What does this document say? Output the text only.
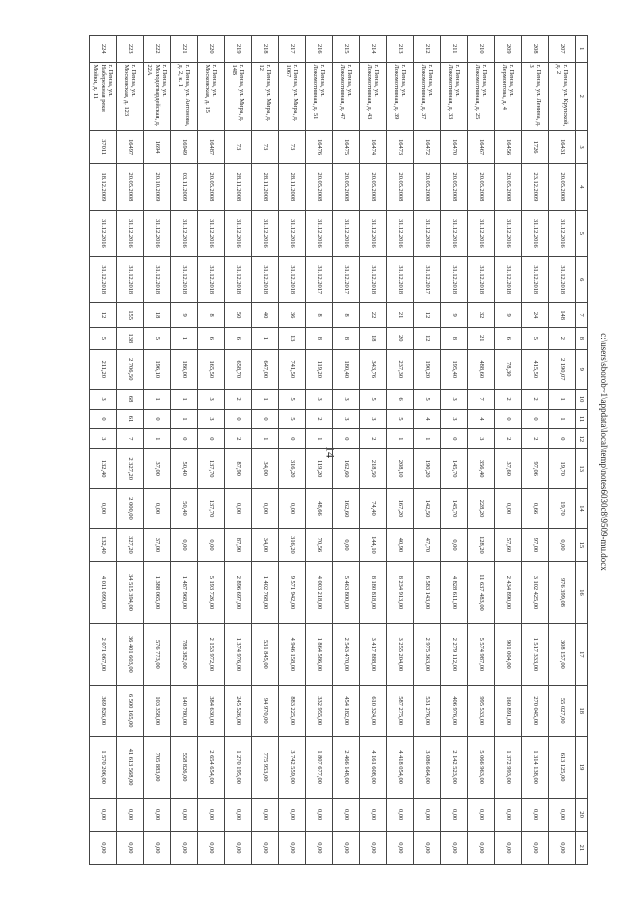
14
1	2	3	4	5	6	7	8	9	10	11	12	13	14	15	16	17	18	19	20	21
207	г. Пенза, ул. Крупской, д. 2	16431	20.05.2008	31.12.2016	31.12.2018	148	2	2 190,07	1	1	0	19,70	19,70	0,00	976 399,08	308 157,00	55 027,00	613 125,00	0,00	0,00
208	г. Пенза, ул. Ленина, д. 3	1726	23.12.2009	31.12.2016	31.12.2018	24	5	415,50	2	0	2	97,06	0,66	97,00	3 102 425,00	1 517 333,00	270 045,00	1 314 138,00	0,00	0,00
209	г. Пенза, ул. Лермонтова, д. 4	16456	20.05.2008	31.12.2016	31.12.2018	9	6	78,30	2	0	2	37,60	0,00	57,60	2 434 890,00	901 004,00	160 891,00	1 372 993,00	0,00	0,00
210	г. Пенза, ул. Локомотивная, д. 25	16467	20.05.2008	31.12.2016	31.12.2018	32	21	488,60	7	4	3	356,40	228,20	128,20	11 637 483,00	5 574 987,00	995 533,00	5 066 963,00	0,00	0,00
211	г. Пенза, ул. Локомотивная, д. 33	16470	20.05.2008	31.12.2016	31.12.2018	9	8	195,40	3	3	0	145,70	145,70	0,00	4 828 611,00	2 279 112,00	406 976,00	2 142 523,00	0,00	0,00
212	г. Пенза, ул. Локомотивная, д. 37	16472	20.05.2008	31.12.2016	31.12.2017	12	12	190,20	5	4	1	190,20	142,50	47,70	6 583 143,00	2 975 363,00	531 276,00	3 086 664,00	0,00	0,00
213	г. Пенза, ул. Локомотивная, д. 39	16473	20.05.2008	31.12.2016	31.12.2018	21	20	237,30	6	5	1	208,10	167,20	40,90	8 234 913,00	3 255 204,00	587 275,00	4 418 054,00	0,00	0,00
214	г. Пенза, ул. Локомотивная, д. 43	16474	20.05.2008	31.12.2016	31.12.2018	22	18	343,76	5	3	2	218,50	74,40	144,10	8 180 818,00	3 417 888,00	610 324,00	4 161 608,00	0,00	0,00
215	г. Пенза, ул. Локомотивная, д. 47	16475	20.05.2008	31.12.2016	31.12.2017	8	8	180,40	3	3	0	162,60	162,60	0,00	5 463 800,00	2 543 470,00	454 182,00	2 466 148,00	0,00	0,00
216	г. Пенза, ул. Локомотивная, д. 51	16476	20.05.2008	31.12.2016	31.12.2017	8	8	119,20	3	2	1	119,20	48,66	70,56	4 003 218,00	1 864 586,00	332 955,00	1 807 677,00	0,00	0,00
217	г. Пенза, ул. Мира, д. 1067	73	28.11.2008	31.12.2016	31.12.2018	36	13	741,50	5	5	0	316,20	0,00	316,20	9 571 942,00	4 946 158,00	883 225,00	3 742 559,00	0,00	0,00
218	г. Пенза, ул. Мира, д. 12	73	28.11.2008	31.12.2016	31.12.2018	40	1	647,00	1	0	1	34,00	0,00	34,00	1 402 768,00	531 845,00	94 970,00	775 953,00	0,00	0,00
219	г. Пенза, ул. Мира, д. 14В	73	28.11.2008	31.12.2016	31.12.2018	50	6	658,70	2	0	2	87,90	0,00	87,90	2 896 697,00	1 374 976,00	245 526,00	1 270 195,00	0,00	0,00
220	г. Пенза, ул. Московская, д. 15	16487	20.05.2008	31.12.2016	31.12.2018	8	6	165,50	3	3	0	137,70	137,70	0,00	5 193 726,00	2 153 972,00	384 630,00	2 654 654,00	0,00	0,00
221	г. Пенза, ул. Антонова, д. 2, к. 1	16949	03.11.2009	31.12.2016	31.12.2018	9	1	186,00	1	1	0	50,40	50,40	0,00	1 487 968,00	788 382,00	140 780,00	558 826,00	0,00	0,00
222	г. Пенза, ул. Молодогвардейская, д. 22А	1694	20.10.2009	31.12.2016	31.12.2018	18	5	196,10	1	0	1	37,00	0,00	37,00	1 388 065,00	576 773,00	103 358,00	705 883,00	0,00	0,00
223	г. Пенза, ул. Московская, д. 123	16497	20.05.2008	31.12.2016	31.12.2018	155	138	2 706,50	68	61	7	2 327,20	2 000,00	327,20	34 515 394,00	36 401 603,00	6 500 165,00	41 613 568,00	0,00	0,00
224	г. Пенза, ул. Набережная реки Мойки, д. 11	37011	18.12.2009	31.12.2016	31.12.2018	12	5	211,20	3	0	3	132,40	0,00	132,40	4 011 099,00	2 071 067,00	369 826,00	1 570 206,00	0,00	0,00
c:\users\sborob~1\appdata\local\temp\notes6030c8\9509-mu.docx
